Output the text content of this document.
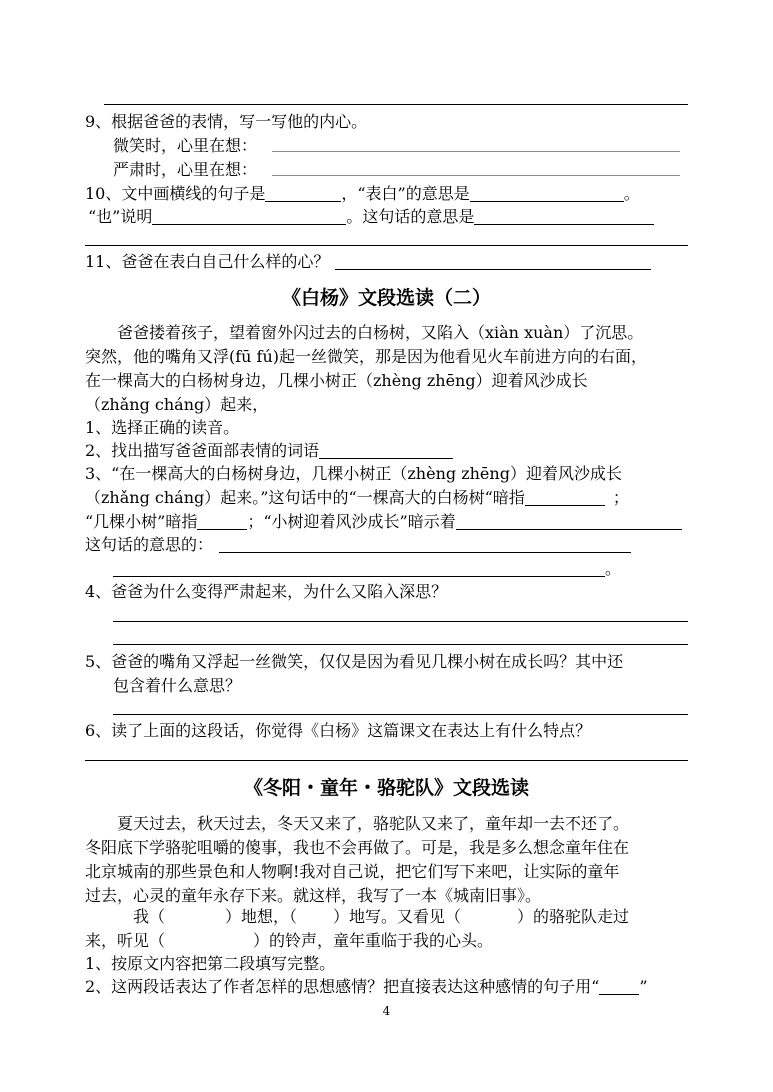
9、根据爸爸的表情，写一写他的内心。
微笑时，心里在想：
严肃时，心里在想：
10、文中画横线的句子是	，“表白”的意思是	。
“也”说明	。这句话的意思是
11、爸爸在表白自己什么样的心？
《白杨》文段选读（二）
爸爸搂着孩子，望着窗外闪过去的白杨树，又陷入（xiàn xuàn）了沉思。
突然，他的嘴角又浮(fū fú)起一丝微笑，那是因为他看见火车前进方向的右面，
在一棵高大的白杨树身边，几棵小树正（zhèng zhēng）迎着风沙成长
（zhǎng cháng）起来，
1、选择正确的读音。
2、找出描写爸爸面部表情的词语
3、“在一棵高大的白杨树身边，几棵小树正（zhèng zhēng）迎着风沙成长
（zhǎng cháng）起来。”这句话中的“一棵高大的白杨树“暗指	；
“几棵小树”暗指	；“小树迎着风沙成长”暗示着
这句话的意思的：
。
4、爸爸为什么变得严肃起来，为什么又陷入深思？
5、爸爸的嘴角又浮起一丝微笑，仅仅是因为看见几棵小树在成长吗？其中还
包含着什么意思？
6、读了上面的这段话，你觉得《白杨》这篇课文在表达上有什么特点？
《冬阳・童年・骆驼队》文段选读
夏天过去，秋天过去，冬天又来了，骆驼队又来了，童年却一去不还了。
冬阳底下学骆驼咀嚼的傻事，我也不会再做了。可是，我是多么想念童年住在
北京城南的那些景色和人物啊!我对自己说，把它们写下来吧，让实际的童年
过去，心灵的童年永存下来。就这样，我写了一本《城南旧事》。
我（	）地想，（ ）地写。又看见（	）的骆驼队走过
来，听见（	）的铃声，童年重临于我的心头。
1、按原文内容把第二段填写完整。
2、这两段话表达了作者怎样的思想感情？把直接表达这种感情的句子用“	”
4
